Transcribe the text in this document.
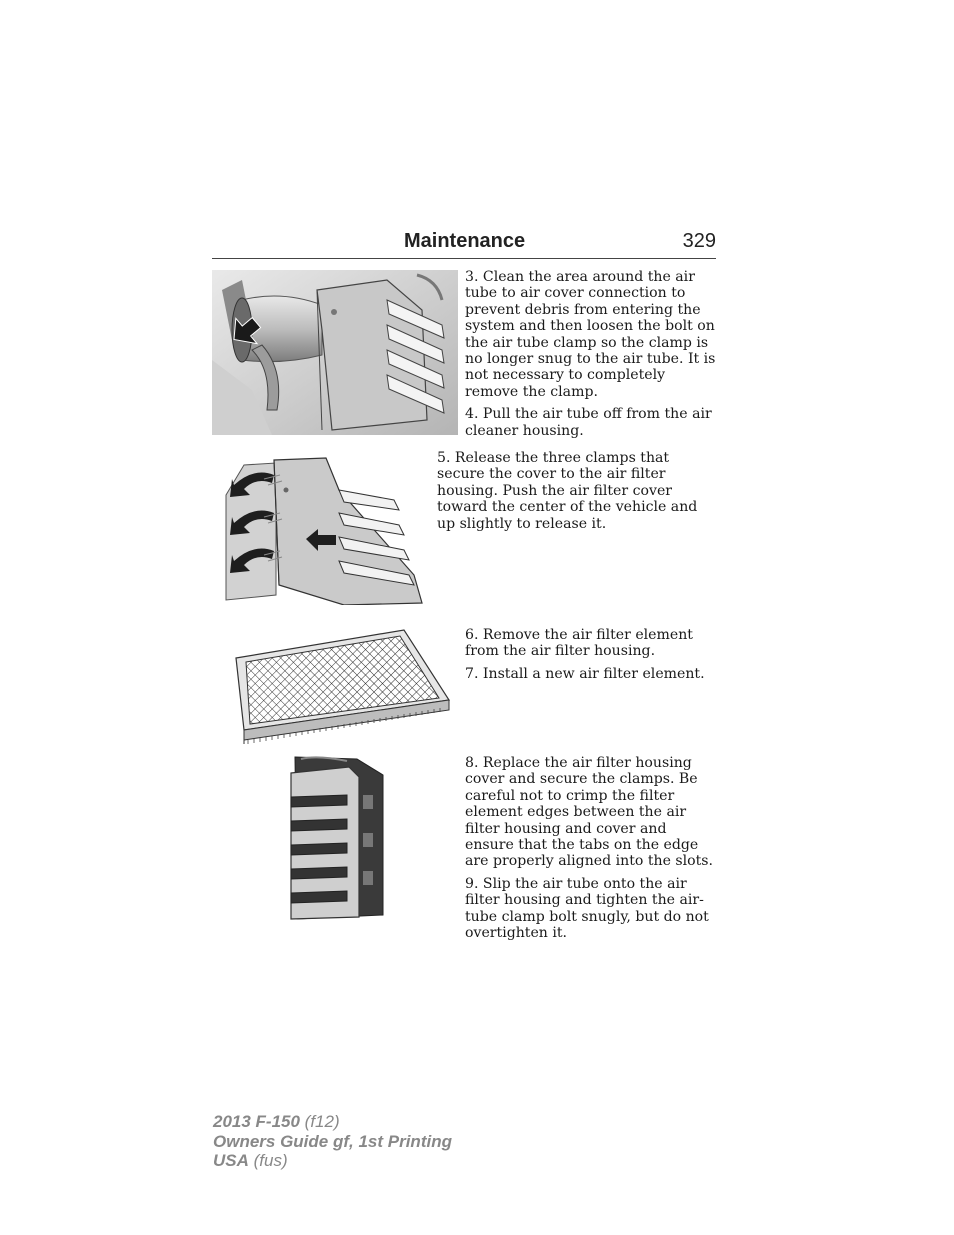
Maintenance	329

3. Clean the area around the air tube to air cover connection to prevent debris from entering the system and then loosen the bolt on the air tube clamp so the clamp is no longer snug to the air tube. It is not necessary to completely remove the clamp.

4. Pull the air tube off from the air cleaner housing.

5. Release the three clamps that secure the cover to the air filter housing. Push the air filter cover toward the center of the vehicle and up slightly to release it.

6. Remove the air filter element from the air filter housing.

7. Install a new air filter element.

8. Replace the air filter housing cover and secure the clamps. Be careful not to crimp the filter element edges between the air filter housing and cover and ensure that the tabs on the edge are properly aligned into the slots.

9. Slip the air tube onto the air filter housing and tighten the air-tube clamp bolt snugly, but do not overtighten it.

2013 F-150 (f12)
Owners Guide gf, 1st Printing
USA (fus)
